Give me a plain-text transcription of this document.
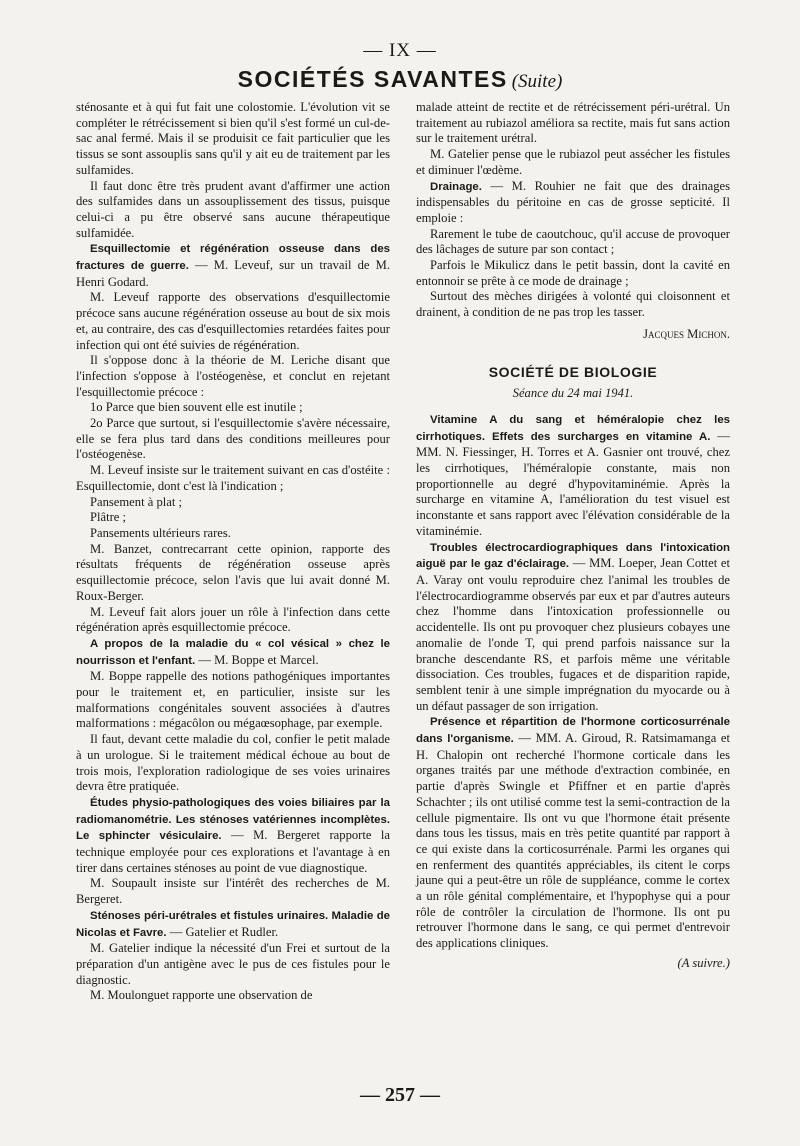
— IX —
SOCIÉTÉS SAVANTES (Suite)

sténosante et à qui fut fait une colostomie. L'évolution vit se compléter le rétrécissement si bien qu'il s'est formé un cul-de-sac anal fermé. Mais il se produisit ce fait particulier que les tissus se sont assouplis sans qu'il y ait eu de traitement par les sulfamides.

Il faut donc être très prudent avant d'affirmer une action des sulfamides dans un assouplissement des tissus, puisque celui-ci a pu être observé sans aucune thérapeutique sulfamidée.

Esquillectomie et régénération osseuse dans des fractures de guerre. — M. Leveuf, sur un travail de M. Henri Godard.

M. Leveuf rapporte des observations d'esquillectomie précoce sans aucune régénération osseuse au bout de six mois et, au contraire, des cas d'esquillectomies retardées faites pour infection qui ont été suivies de régénération.

Il s'oppose donc à la théorie de M. Leriche disant que l'infection s'oppose à l'ostéogenèse, et conclut en rejetant l'esquillectomie précoce :

1o Parce que bien souvent elle est inutile ;

2o Parce que surtout, si l'esquillectomie s'avère nécessaire, elle se fera plus tard dans des conditions meilleures pour l'ostéogenèse.

M. Leveuf insiste sur le traitement suivant en cas d'ostéite : Esquillectomie, dont c'est là l'indication ;

Pansement à plat ;

Plâtre ;

Pansements ultérieurs rares.

M. Banzet, contrecarrant cette opinion, rapporte des résultats fréquents de régénération osseuse après esquillectomie précoce, selon l'avis que lui avait donné M. Roux-Berger.

M. Leveuf fait alors jouer un rôle à l'infection dans cette régénération après esquillectomie précoce.

A propos de la maladie du « col vésical » chez le nourrisson et l'enfant. — M. Boppe et Marcel.

M. Boppe rappelle des notions pathogéniques importantes pour le traitement et, en particulier, insiste sur les malformations congénitales souvent associées à d'autres malformations : mégacôlon ou mégaœsophage, par exemple.

Il faut, devant cette maladie du col, confier le petit malade à un urologue. Si le traitement médical échoue au bout de trois mois, l'exploration radiologique de ses voies urinaires devra être pratiquée.

Études physio-pathologiques des voies biliaires par la radiomanométrie. Les sténoses vatériennes incomplètes. Le sphincter vésiculaire. — M. Bergeret rapporte la technique employée pour ces explorations et l'avantage à en tirer dans certaines sténoses au point de vue diagnostique.

M. Soupault insiste sur l'intérêt des recherches de M. Bergeret.

Sténoses péri-urétrales et fistules urinaires. Maladie de Nicolas et Favre. — Gatelier et Rudler.

M. Gatelier indique la nécessité d'un Frei et surtout de la préparation d'un antigène avec le pus de ces fistules pour le diagnostic.

M. Moulonguet rapporte une observation de

malade atteint de rectite et de rétrécissement péri-urétral. Un traitement au rubiazol améliora sa rectite, mais fut sans action sur le traitement urétral.

M. Gatelier pense que le rubiazol peut assécher les fistules et diminuer l'œdème.

Drainage. — M. Rouhier ne fait que des drainages indispensables du péritoine en cas de grosse septicité. Il emploie :

Rarement le tube de caoutchouc, qu'il accuse de provoquer des lâchages de suture par son contact ;

Parfois le Mikulicz dans le petit bassin, dont la cavité en entonnoir se prête à ce mode de drainage ;

Surtout des mèches dirigées à volonté qui cloisonnent et drainent, à condition de ne pas trop les tasser.

Jacques Michon.

SOCIÉTÉ DE BIOLOGIE

Séance du 24 mai 1941.

Vitamine A du sang et héméralopie chez les cirrhotiques. Effets des surcharges en vitamine A. — MM. N. Fiessinger, H. Torres et A. Gasnier ont trouvé, chez les cirrhotiques, l'héméralopie constante, mais non proportionnelle au degré d'hypovitaminémie. Après la surcharge en vitamine A, l'amélioration du test visuel est inconstante et sans rapport avec l'élévation considérable de la vitaminémie.

Troubles électrocardiographiques dans l'intoxication aiguë par le gaz d'éclairage. — MM. Loeper, Jean Cottet et A. Varay ont voulu reproduire chez l'animal les troubles de l'électrocardiogramme observés par eux et par d'autres auteurs chez l'homme dans l'intoxication professionnelle ou accidentelle. Ils ont pu provoquer chez plusieurs cobayes une anomalie de l'onde T, qui prend parfois naissance sur la branche descendante RS, et parfois même une véritable dissociation. Ces troubles, fugaces et de disparition rapide, semblent tenir à une simple imprégnation du myocarde ou à un défaut passager de son irrigation.

Présence et répartition de l'hormone corticosurrénale dans l'organisme. — MM. A. Giroud, R. Ratsimamanga et H. Chalopin ont recherché l'hormone corticale dans les organes traités par une méthode d'extraction combinée, en partie d'après Swingle et Pfiffner et en partie d'après Schachter ; ils ont utilisé comme test la semi-contraction de la cellule pigmentaire. Ils ont vu que l'hormone était présente dans tous les tissus, mais en très petite quantité par rapport à ce qui existe dans la corticosurrénale. Parmi les organes qui en renferment des quantités appréciables, ils citent le corps jaune qui a peut-être un rôle de suppléance, comme le cortex a un rôle génital complémentaire, et l'hypophyse qui a pour rôle de contrôler la circulation de l'hormone. Ils ont pu retrouver l'hormone dans le sang, ce qui permet d'entrevoir des applications cliniques.

(A suivre.)

— 257 —
